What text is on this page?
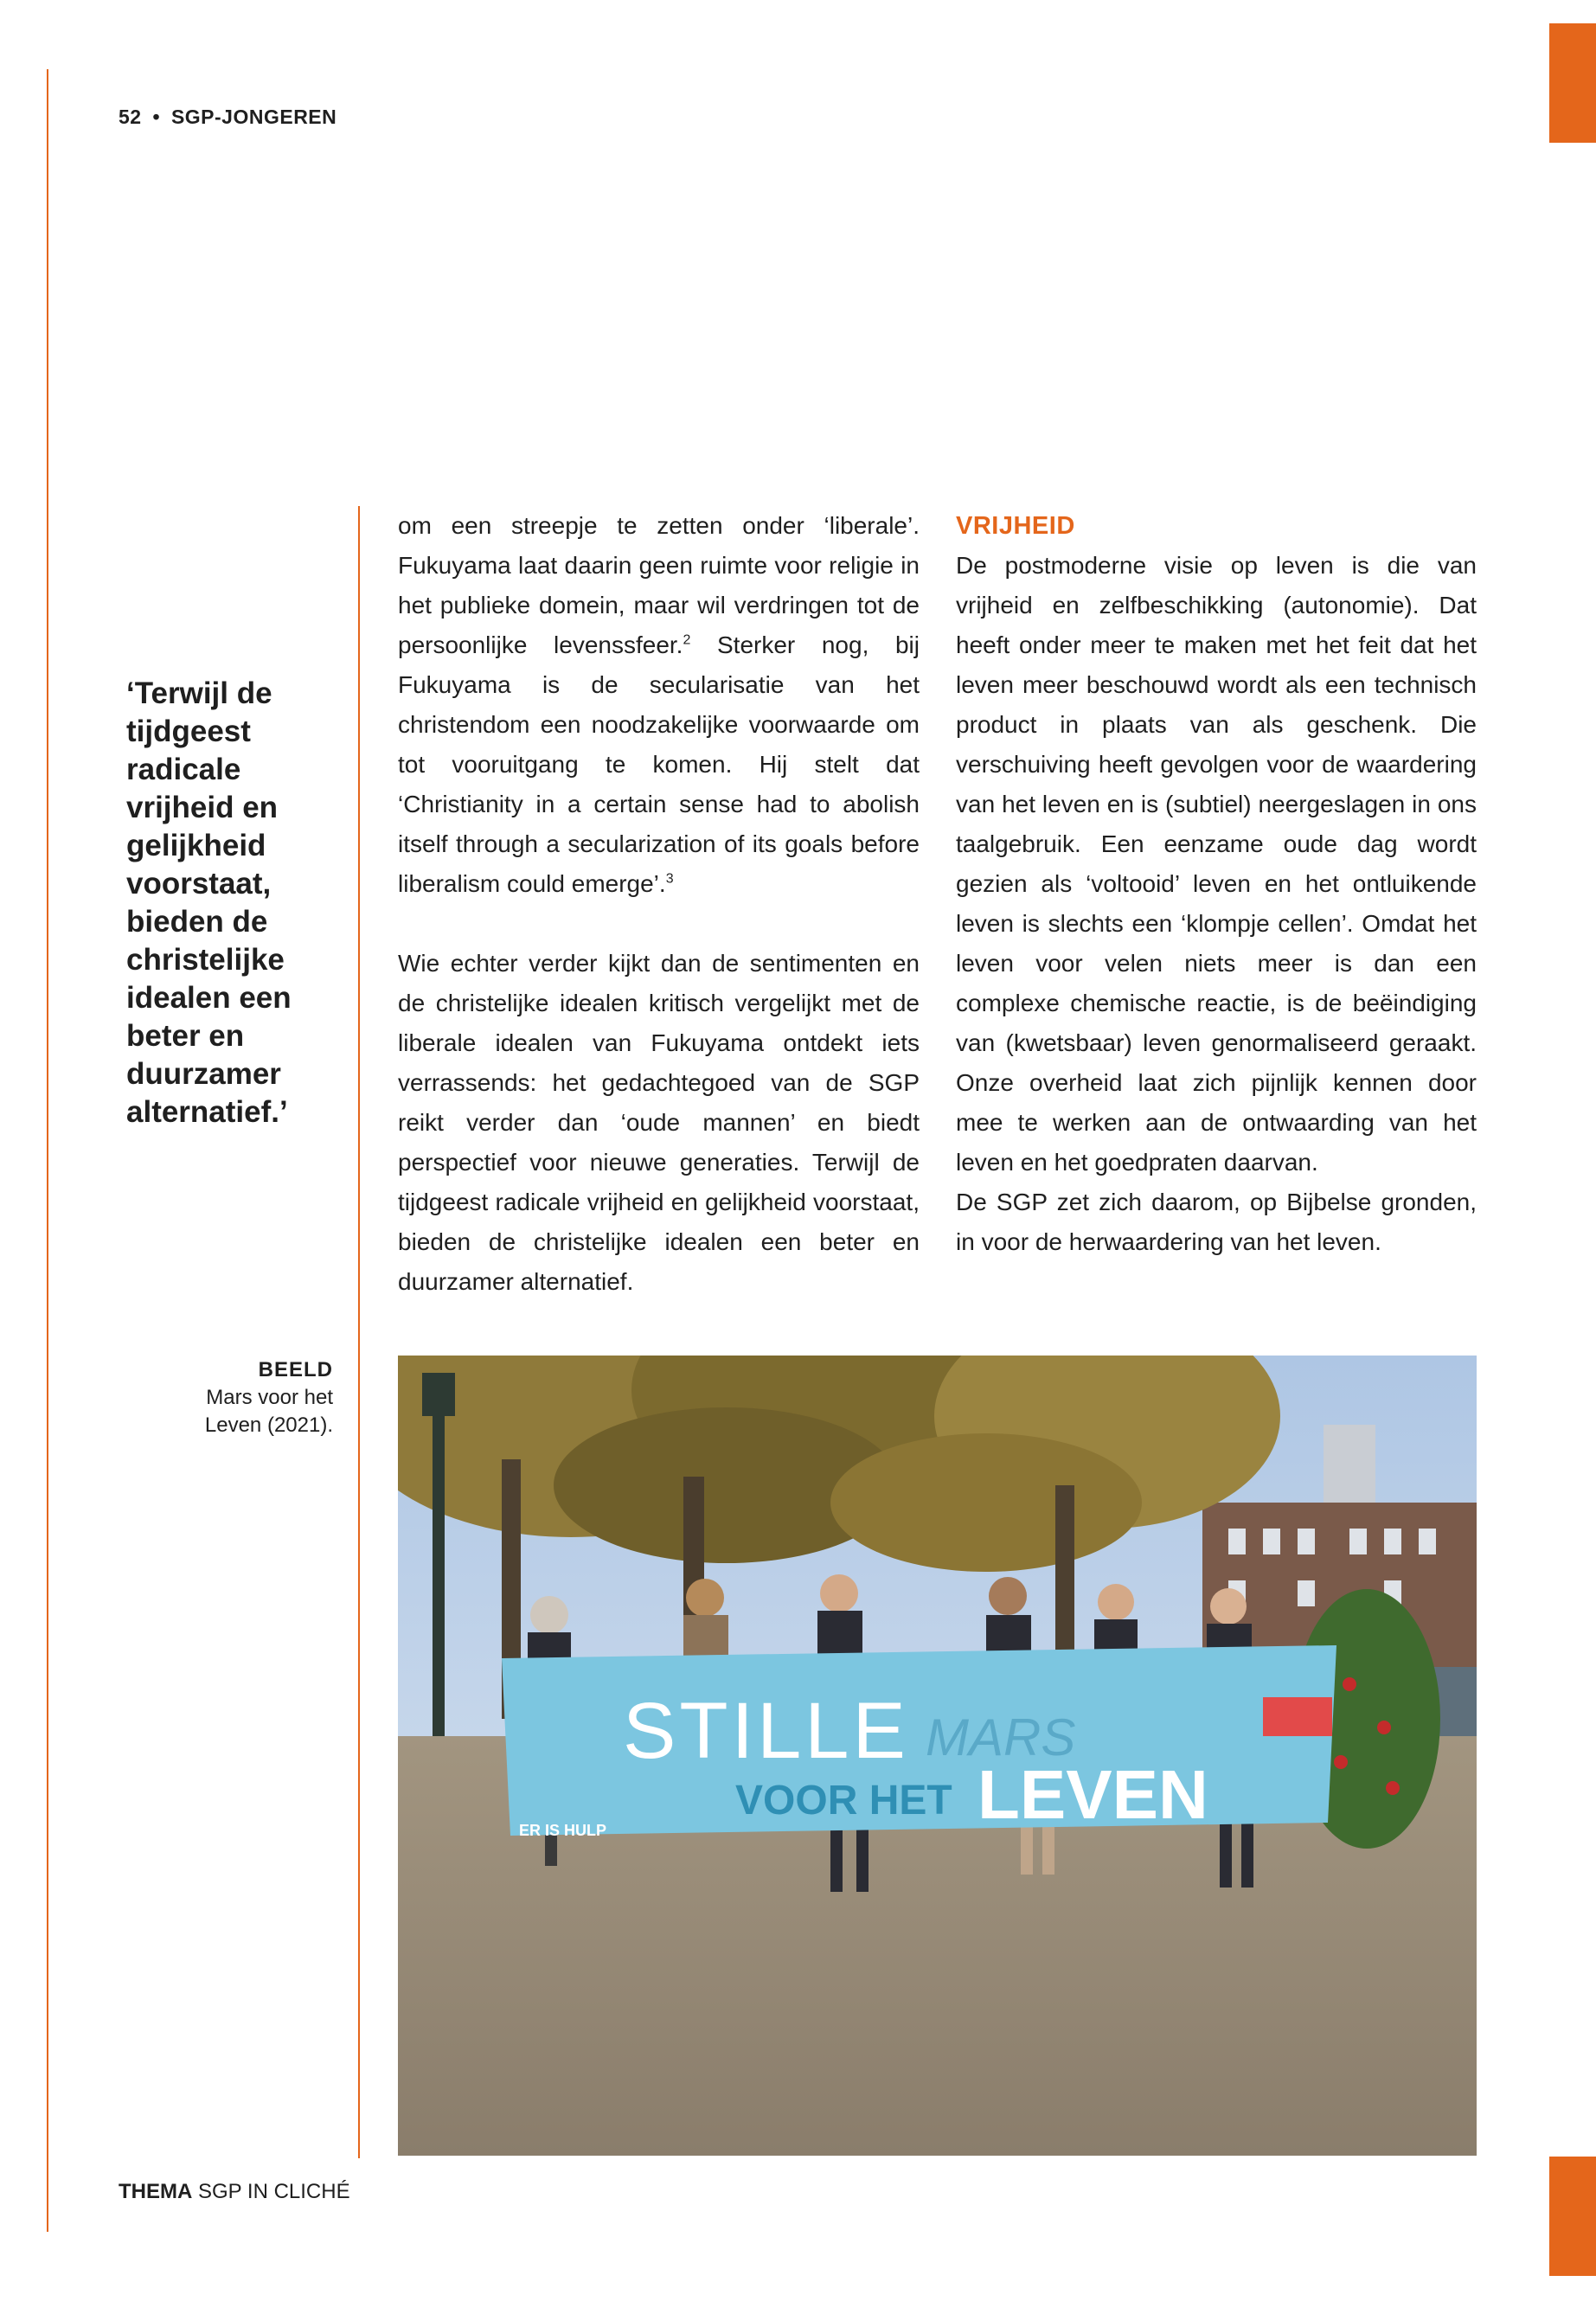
52 • SGP-JONGEREN
‘Terwijl de tijdgeest radicale vrijheid en gelijkheid voorstaat, bieden de christelijke idealen een beter en duurzamer alternatief.’

om een streepje te zetten onder ‘liberale’. Fukuyama laat daarin geen ruimte voor religie in het publieke domein, maar wil verdringen tot de persoonlijke levenssfeer.$^2$ Sterker nog, bij Fukuyama is de secularisatie van het christendom een noodzakelijke voorwaarde om tot vooruitgang te komen. Hij stelt dat ‘Christianity in a certain sense had to abolish itself through a secularization of its goals before liberalism could emerge’.$^3$

Wie echter verder kijkt dan de sentimenten en de christelijke idealen kritisch vergelijkt met de liberale idealen van Fukuyama ontdekt iets verrassends: het gedachtegoed van de SGP reikt verder dan ‘oude mannen’ en biedt perspectief voor nieuwe generaties. Terwijl de tijdgeest radicale vrijheid en gelijkheid voorstaat, bieden de christelijke idealen een beter en duurzamer alternatief.

VRIJHEID

De postmoderne visie op leven is die van vrijheid en zelfbeschikking (autonomie). Dat heeft onder meer te maken met het feit dat het leven meer beschouwd wordt als een technisch product in plaats van als geschenk. Die verschuiving heeft gevolgen voor de waardering van het leven en is (subtiel) neergeslagen in ons taalgebruik. Een eenzame oude dag wordt gezien als ‘voltooid’ leven en het ontluikende leven is slechts een ‘klompje cellen’. Omdat het leven voor velen niets meer is dan een complexe chemische reactie, is de beëindiging van (kwetsbaar) leven genormaliseerd geraakt. Onze overheid laat zich pijnlijk kennen door mee te werken aan de ontwaarding van het leven en het goedpraten daarvan.

De SGP zet zich daarom, op Bijbelse gronden, in voor de herwaardering van het leven.

BEELD
Mars voor het Leven (2021).
STILLE MARS
VOOR HET LEVEN
ER IS HULP
THEMA SGP IN CLICHÉ
